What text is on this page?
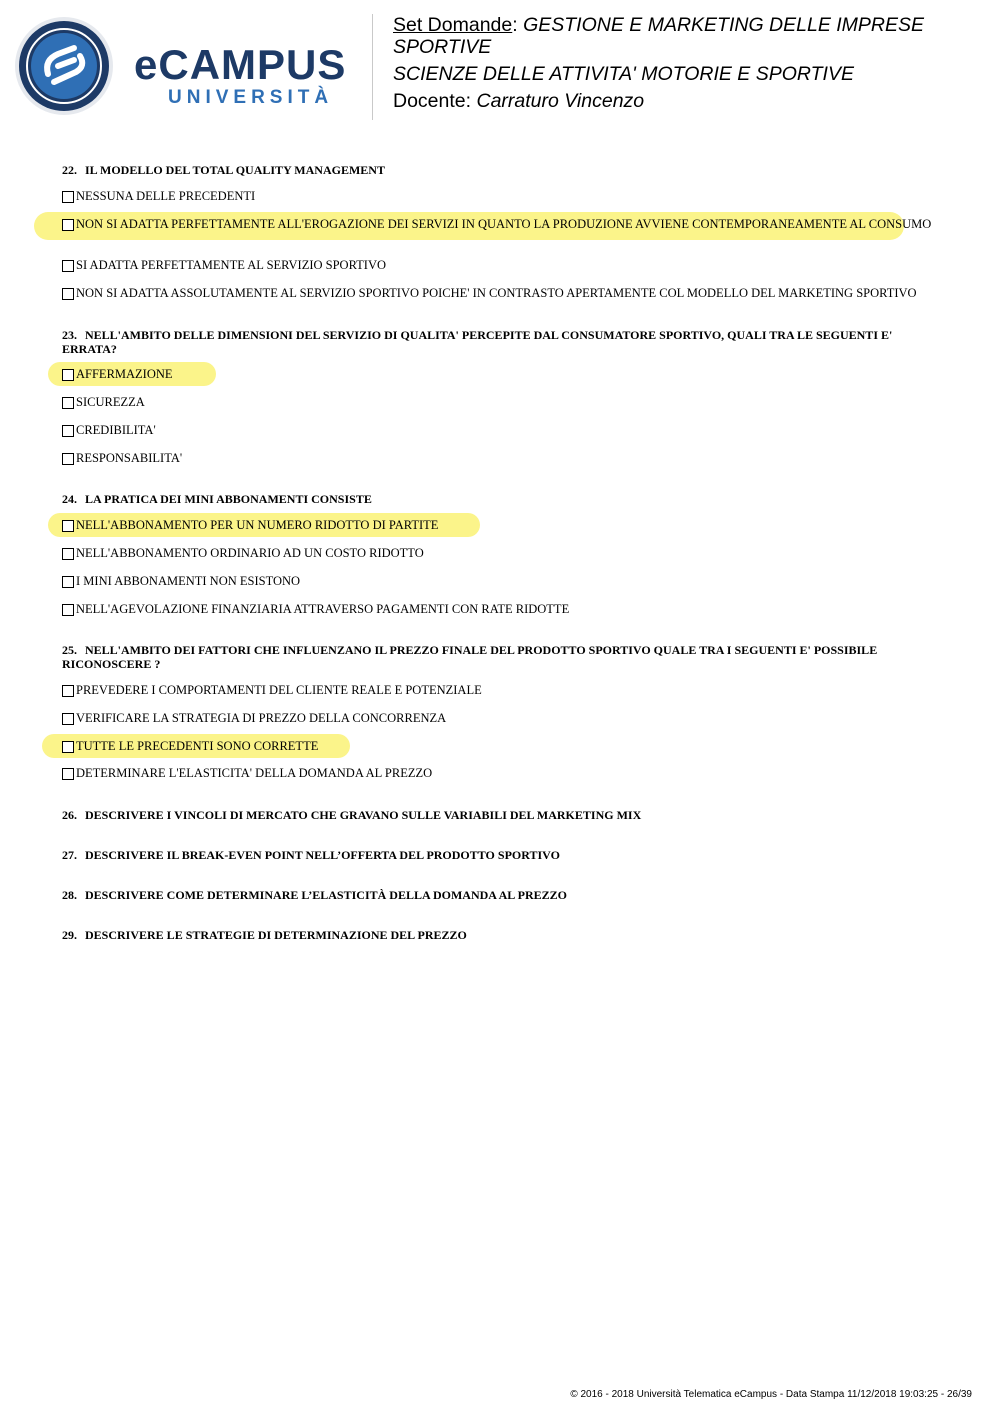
eCAMPUS
UNIVERSITÀ
Set Domande: GESTIONE E MARKETING DELLE IMPRESE
SPORTIVE
SCIENZE DELLE ATTIVITA' MOTORIE E SPORTIVE
Docente: Carraturo Vincenzo
22. IL MODELLO DEL TOTAL QUALITY MANAGEMENT
NESSUNA DELLE PRECEDENTI
NON SI ADATTA PERFETTAMENTE ALL'EROGAZIONE DEI SERVIZI IN QUANTO LA PRODUZIONE AVVIENE CONTEMPORANEAMENTE AL CONSUMO
SI ADATTA PERFETTAMENTE AL SERVIZIO SPORTIVO
NON SI ADATTA ASSOLUTAMENTE AL SERVIZIO SPORTIVO POICHE' IN CONTRASTO APERTAMENTE COL MODELLO DEL MARKETING SPORTIVO
23. NELL'AMBITO DELLE DIMENSIONI DEL SERVIZIO DI QUALITA' PERCEPITE DAL CONSUMATORE SPORTIVO, QUALI TRA LE SEGUENTI E' ERRATA?
AFFERMAZIONE
SICUREZZA
CREDIBILITA'
RESPONSABILITA'
24. LA PRATICA DEI MINI ABBONAMENTI CONSISTE
NELL'ABBONAMENTO PER UN NUMERO RIDOTTO DI PARTITE
NELL'ABBONAMENTO ORDINARIO AD UN COSTO RIDOTTO
I MINI ABBONAMENTI NON ESISTONO
NELL'AGEVOLAZIONE FINANZIARIA ATTRAVERSO PAGAMENTI CON RATE RIDOTTE
25. NELL'AMBITO DEI FATTORI CHE INFLUENZANO IL PREZZO FINALE DEL PRODOTTO SPORTIVO QUALE TRA I SEGUENTI E' POSSIBILE RICONOSCERE ?
PREVEDERE I COMPORTAMENTI DEL CLIENTE REALE E POTENZIALE
VERIFICARE LA STRATEGIA DI PREZZO DELLA CONCORRENZA
TUTTE LE PRECEDENTI SONO CORRETTE
DETERMINARE L'ELASTICITA' DELLA DOMANDA AL PREZZO
26. DESCRIVERE I VINCOLI DI MERCATO CHE GRAVANO SULLE VARIABILI DEL MARKETING MIX
27. DESCRIVERE IL BREAK-EVEN POINT NELL’OFFERTA DEL PRODOTTO SPORTIVO
28. DESCRIVERE COME DETERMINARE L’ELASTICITÀ DELLA DOMANDA AL PREZZO
29. DESCRIVERE LE STRATEGIE DI DETERMINAZIONE DEL PREZZO
© 2016 - 2018 Università Telematica eCampus - Data Stampa 11/12/2018 19:03:25 - 26/39
